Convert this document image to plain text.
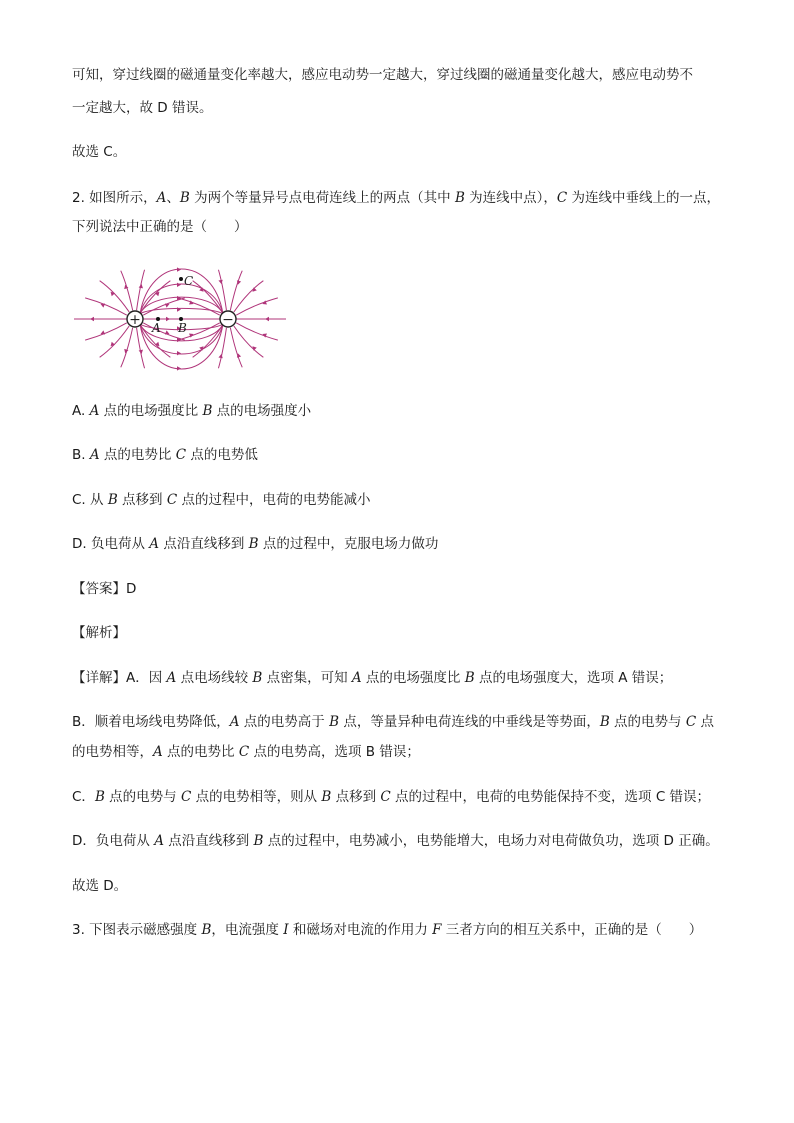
可知，穿过线圈的磁通量变化率越大，感应电动势一定越大，穿过线圈的磁通量变化越大，感应电动势不
一定越大，故 D 错误。
故选 C。
2. 如图所示，A、B 为两个等量异号点电荷连线上的两点（其中 B 为连线中点），C 为连线中垂线上的一点，
下列说法中正确的是（　　）
A. A 点的电场强度比 B 点的电场强度小
B. A 点的电势比 C 点的电势低
C. 从 B 点移到 C 点的过程中，电荷的电势能减小
D. 负电荷从 A 点沿直线移到 B 点的过程中，克服电场力做功
【答案】D
【解析】
【详解】A．因 A 点电场线较 B 点密集，可知 A 点的电场强度比 B 点的电场强度大，选项 A 错误；
B．顺着电场线电势降低，A 点的电势高于 B 点，等量异种电荷连线的中垂线是等势面，B 点的电势与 C 点
的电势相等，A 点的电势比 C 点的电势高，选项 B 错误；
C．B 点的电势与 C 点的电势相等，则从 B 点移到 C 点的过程中，电荷的电势能保持不变，选项 C 错误；
D．负电荷从 A 点沿直线移到 B 点的过程中，电势减小，电势能增大，电场力对电荷做负功，选项 D 正确。
故选 D。
3. 下图表示磁感强度 B，电流强度 I 和磁场对电流的作用力 F 三者方向的相互关系中，正确的是（　　）
+	−
A B
C
